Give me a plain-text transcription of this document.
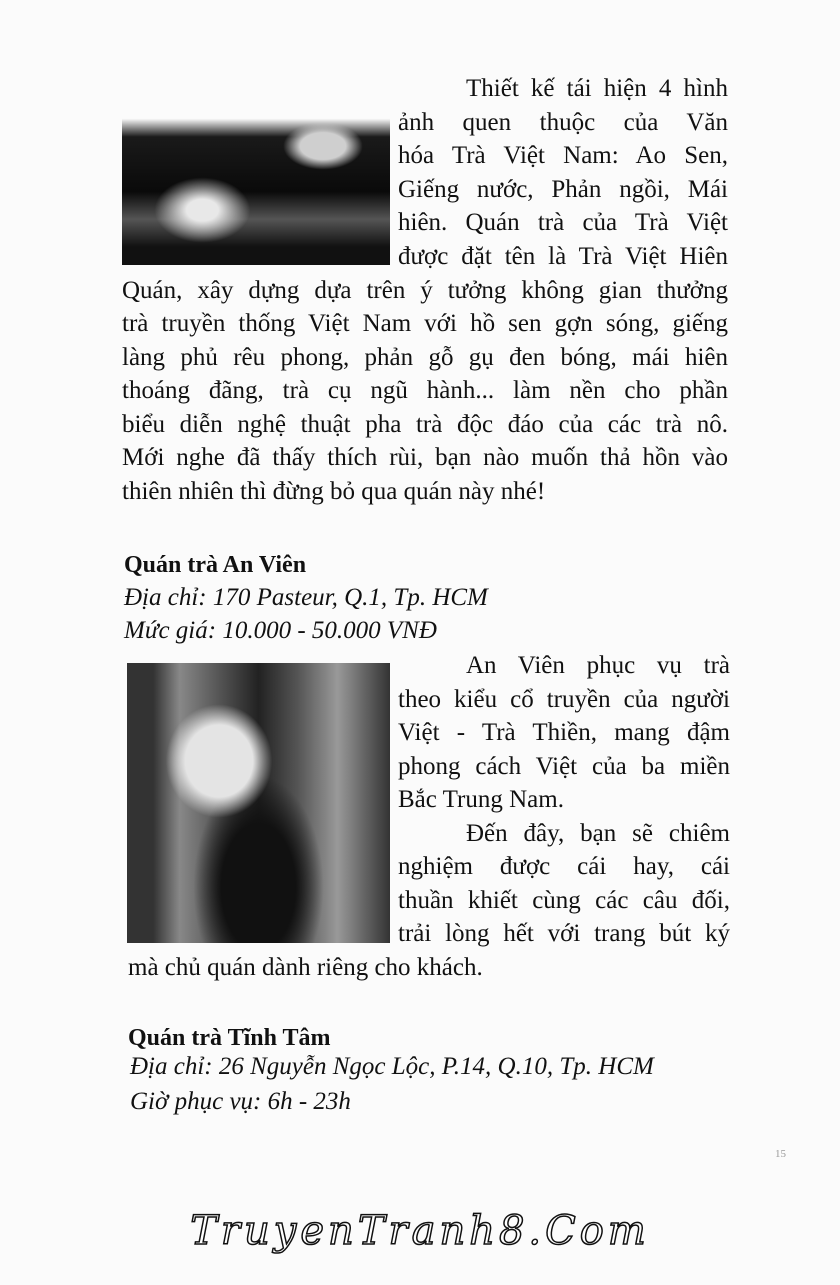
Thiết kế tái hiện 4 hình
ảnh quen thuộc của Văn
hóa Trà Việt Nam: Ao Sen,
Giếng nước, Phản ngồi, Mái
hiên. Quán trà của Trà Việt
được đặt tên là Trà Việt Hiên
Quán, xây dựng dựa trên ý tưởng không gian thưởng
trà truyền thống Việt Nam với hồ sen gợn sóng, giếng
làng phủ rêu phong, phản gỗ gụ đen bóng, mái hiên
thoáng đãng, trà cụ ngũ hành... làm nền cho phần
biểu diễn nghệ thuật pha trà độc đáo của các trà nô.
Mới nghe đã thấy thích rùi, bạn nào muốn thả hồn vào
thiên nhiên thì đừng bỏ qua quán này nhé!
Quán trà An Viên
Địa chỉ: 170 Pasteur, Q.1, Tp. HCM
Mức giá: 10.000 - 50.000 VNĐ
An Viên phục vụ trà
theo kiểu cổ truyền của người
Việt - Trà Thiền, mang đậm
phong cách Việt của ba miền
Bắc Trung Nam.
Đến đây, bạn sẽ chiêm
nghiệm được cái hay, cái
thuần khiết cùng các câu đối,
trải lòng hết với trang bút ký
mà chủ quán dành riêng cho khách.
Quán trà Tĩnh Tâm
Địa chỉ: 26 Nguyễn Ngọc Lộc, P.14, Q.10, Tp. HCM
Giờ phục vụ: 6h - 23h
15
TruyenTranh8.Com
